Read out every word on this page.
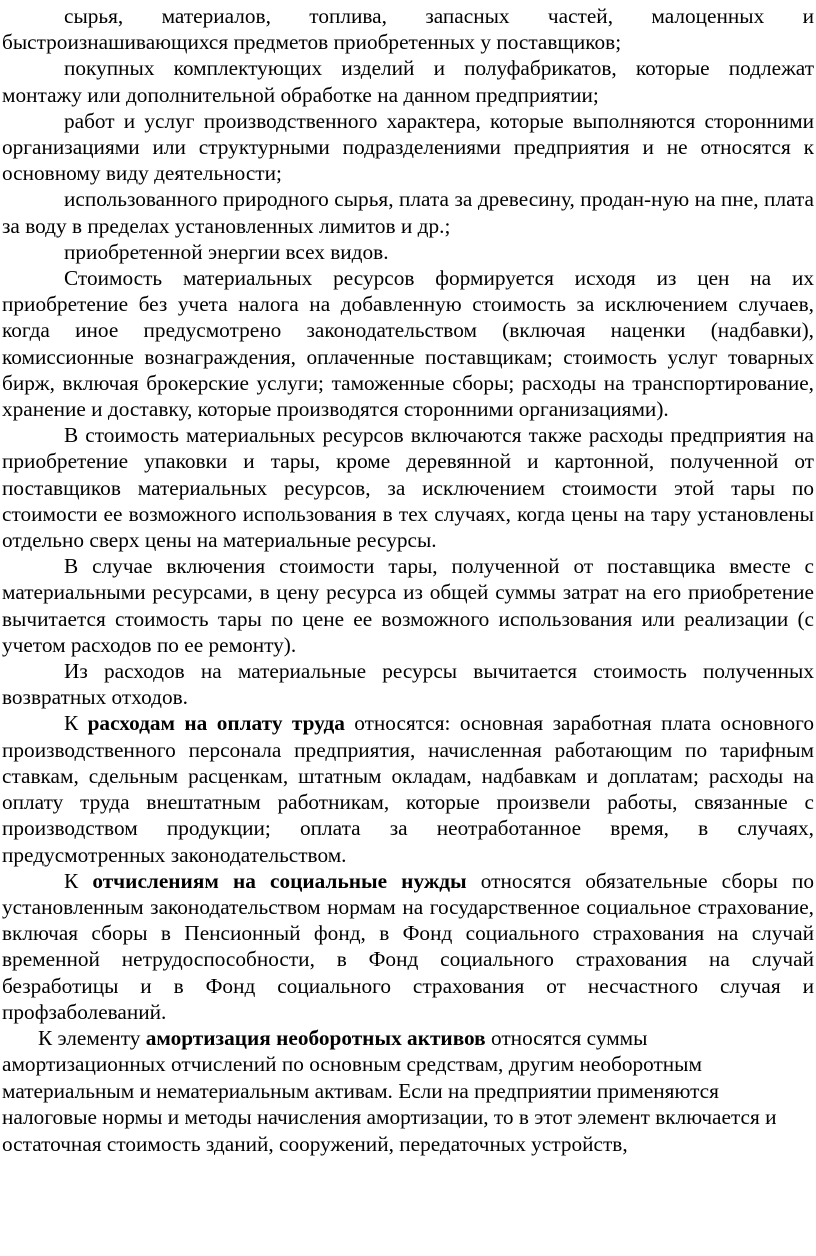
сырья, материалов, топлива, запасных частей, малоценных и быстроизнашивающихся предметов приобретенных у поставщиков;

покупных комплектующих изделий и полуфабрикатов, которые подлежат монтажу или дополнительной обработке на данном предприятии;

работ и услуг производственного характера, которые выполняются сторонними организациями или структурными подразделениями предприятия и не относятся к основному виду деятельности;

использованного природного сырья, плата за древесину, продан-ную на пне, плата за воду в пределах установленных лимитов и др.;

приобретенной энергии всех видов.

Стоимость материальных ресурсов формируется исходя из цен на их приобретение без учета налога на добавленную стоимость за исключением случаев, когда иное предусмотрено законодательством (включая наценки (надбавки), комиссионные вознаграждения, оплаченные поставщикам; стоимость услуг товарных бирж, включая брокерские услуги; таможенные сборы; расходы на транспортирование, хранение и доставку, которые производятся сторонними организациями).

В стоимость материальных ресурсов включаются также расходы предприятия на приобретение упаковки и тары, кроме деревянной и картонной, полученной от поставщиков материальных ресурсов, за исключением стоимости этой тары по стоимости ее возможного использования в тех случаях, когда цены на тару установлены отдельно сверх цены на материальные ресурсы.

В случае включения стоимости тары, полученной от поставщика вместе с материальными ресурсами, в цену ресурса из общей суммы затрат на его приобретение вычитается стоимость тары по цене ее возможного использования или реализации (с учетом расходов по ее ремонту).

Из расходов на материальные ресурсы вычитается стоимость полученных возвратных отходов.

К расходам на оплату труда относятся: основная заработная плата основного производственного персонала предприятия, начисленная работающим по тарифным ставкам, сдельным расценкам, штатным окладам, надбавкам и доплатам; расходы на оплату труда внештатным работникам, которые произвели работы, связанные с производством продукции; оплата за неотработанное время, в случаях, предусмотренных законодательством.

К отчислениям на социальные нужды относятся обязательные сборы по установленным законодательством нормам на государственное социальное страхование, включая сборы в Пенсионный фонд, в Фонд социального страхования на случай временной нетрудоспособности, в Фонд социального страхования на случай безработицы и в Фонд социального страхования от несчастного случая и профзаболеваний.

К элементу амортизация необоротных активов относятся суммы амортизационных отчислений по основным средствам, другим необоротным материальным и нематериальным активам. Если на предприятии применяются налоговые нормы и методы начисления амортизации, то в этот элемент включается и остаточная стоимость зданий, сооружений, передаточных устройств,
